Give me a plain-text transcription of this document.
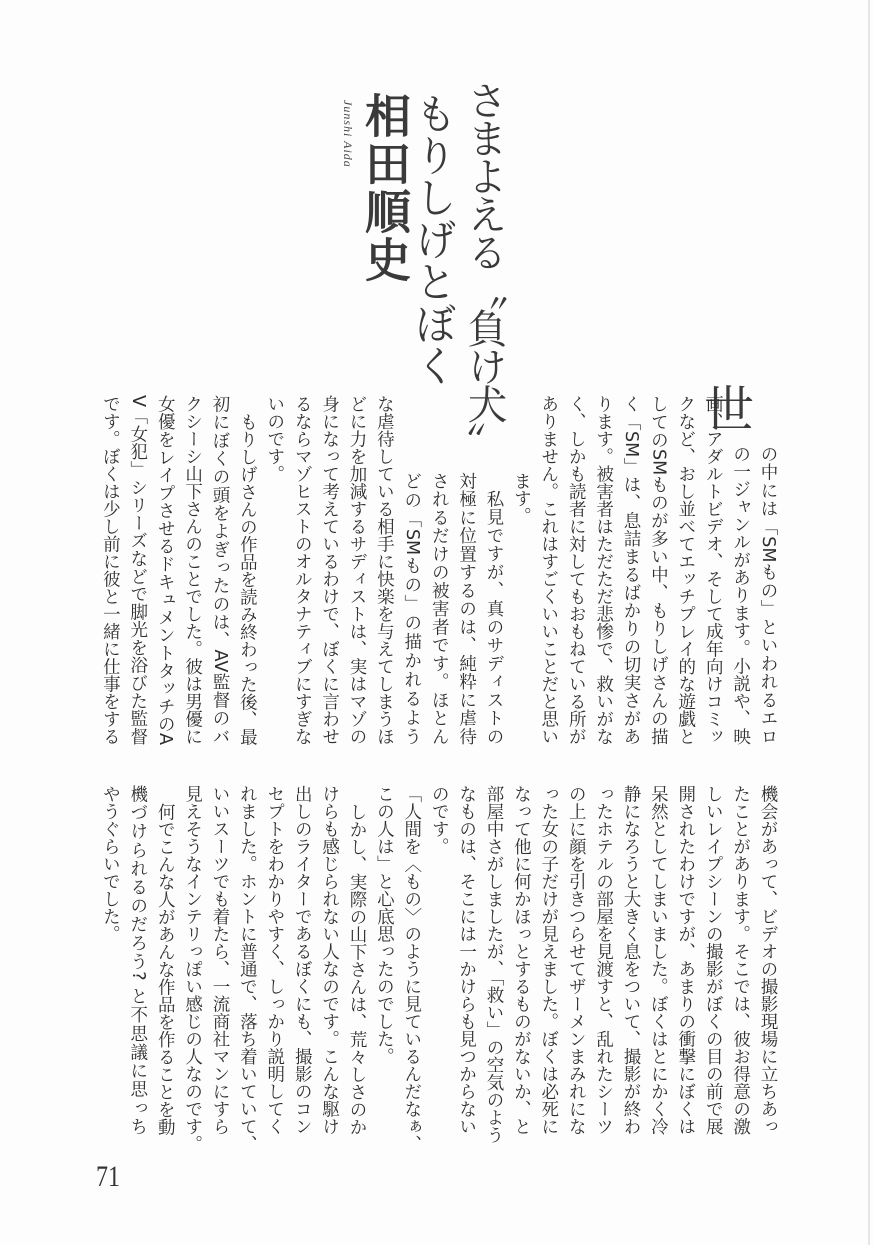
さまよえる〝負け犬〟
もりしげとぼく
相田順史
Junshi Aida
世
の中には「SMもの」といわれるエロ
の一ジャンルがあります。小説や、映
画、アダルトビデオ、そして成年向けコミッ
クなど、おし並べてエッチプレイ的な遊戯と
してのSMものが多い中、もりしげさんの描
く「SM」は、息詰まるばかりの切実さがあ
ります。被害者はただただ悲惨で、救いがな
く、しかも読者に対してもおもねている所が
ありません。これはすごくいいことだと思い
ます。
私見ですが、真のサディストの
対極に位置するのは、純粋に虐待
されるだけの被害者です。ほとん
どの「SMもの」の描かれるよう
な虐待している相手に快楽を与えてしまうほ
どに力を加減するサディストは、実はマゾの
身になって考えているわけで、ぼくに言わせ
るならマゾヒストのオルタナティブにすぎな
いのです。
もりしげさんの作品を読み終わった後、最
初にぼくの頭をよぎったのは、AV監督のバ
クシーシ山下さんのことでした。彼は男優に
女優をレイプさせるドキュメントタッチのA
V「女犯」シリーズなどで脚光を浴びた監督
です。ぼくは少し前に彼と一緒に仕事をする
機会があって、ビデオの撮影現場に立ちあっ
たことがあります。そこでは、彼お得意の激
しいレイプシーンの撮影がぼくの目の前で展
開されたわけですが、あまりの衝撃にぼくは
呆然としてしまいました。ぼくはとにかく冷
静になろうと大きく息をついて、撮影が終わ
ったホテルの部屋を見渡すと、乱れたシーツ
の上に顔を引きつらせてザーメンまみれにな
った女の子だけが見えました。ぼくは必死に
なって他に何かほっとするものがないか、と
部屋中さがしましたが、「救い」の空気のよう
なものは、そこには一かけらも見つからない
のです。
「人間を〈もの〉のように見ているんだなぁ、
この人は」と心底思ったのでした。
しかし、実際の山下さんは、荒々しさのか
けらも感じられない人なのです。こんな駆け
出しのライターであるぼくにも、撮影のコン
セプトをわかりやすく、しっかり説明してく
れました。ホントに普通で、落ち着いていて、
いいスーツでも着たら、一流商社マンにすら
見えそうなインテリっぽい感じの人なのです。
何でこんな人があんな作品を作ることを動
機づけられるのだろう? と不思議に思っち
やうぐらいでした。
71
